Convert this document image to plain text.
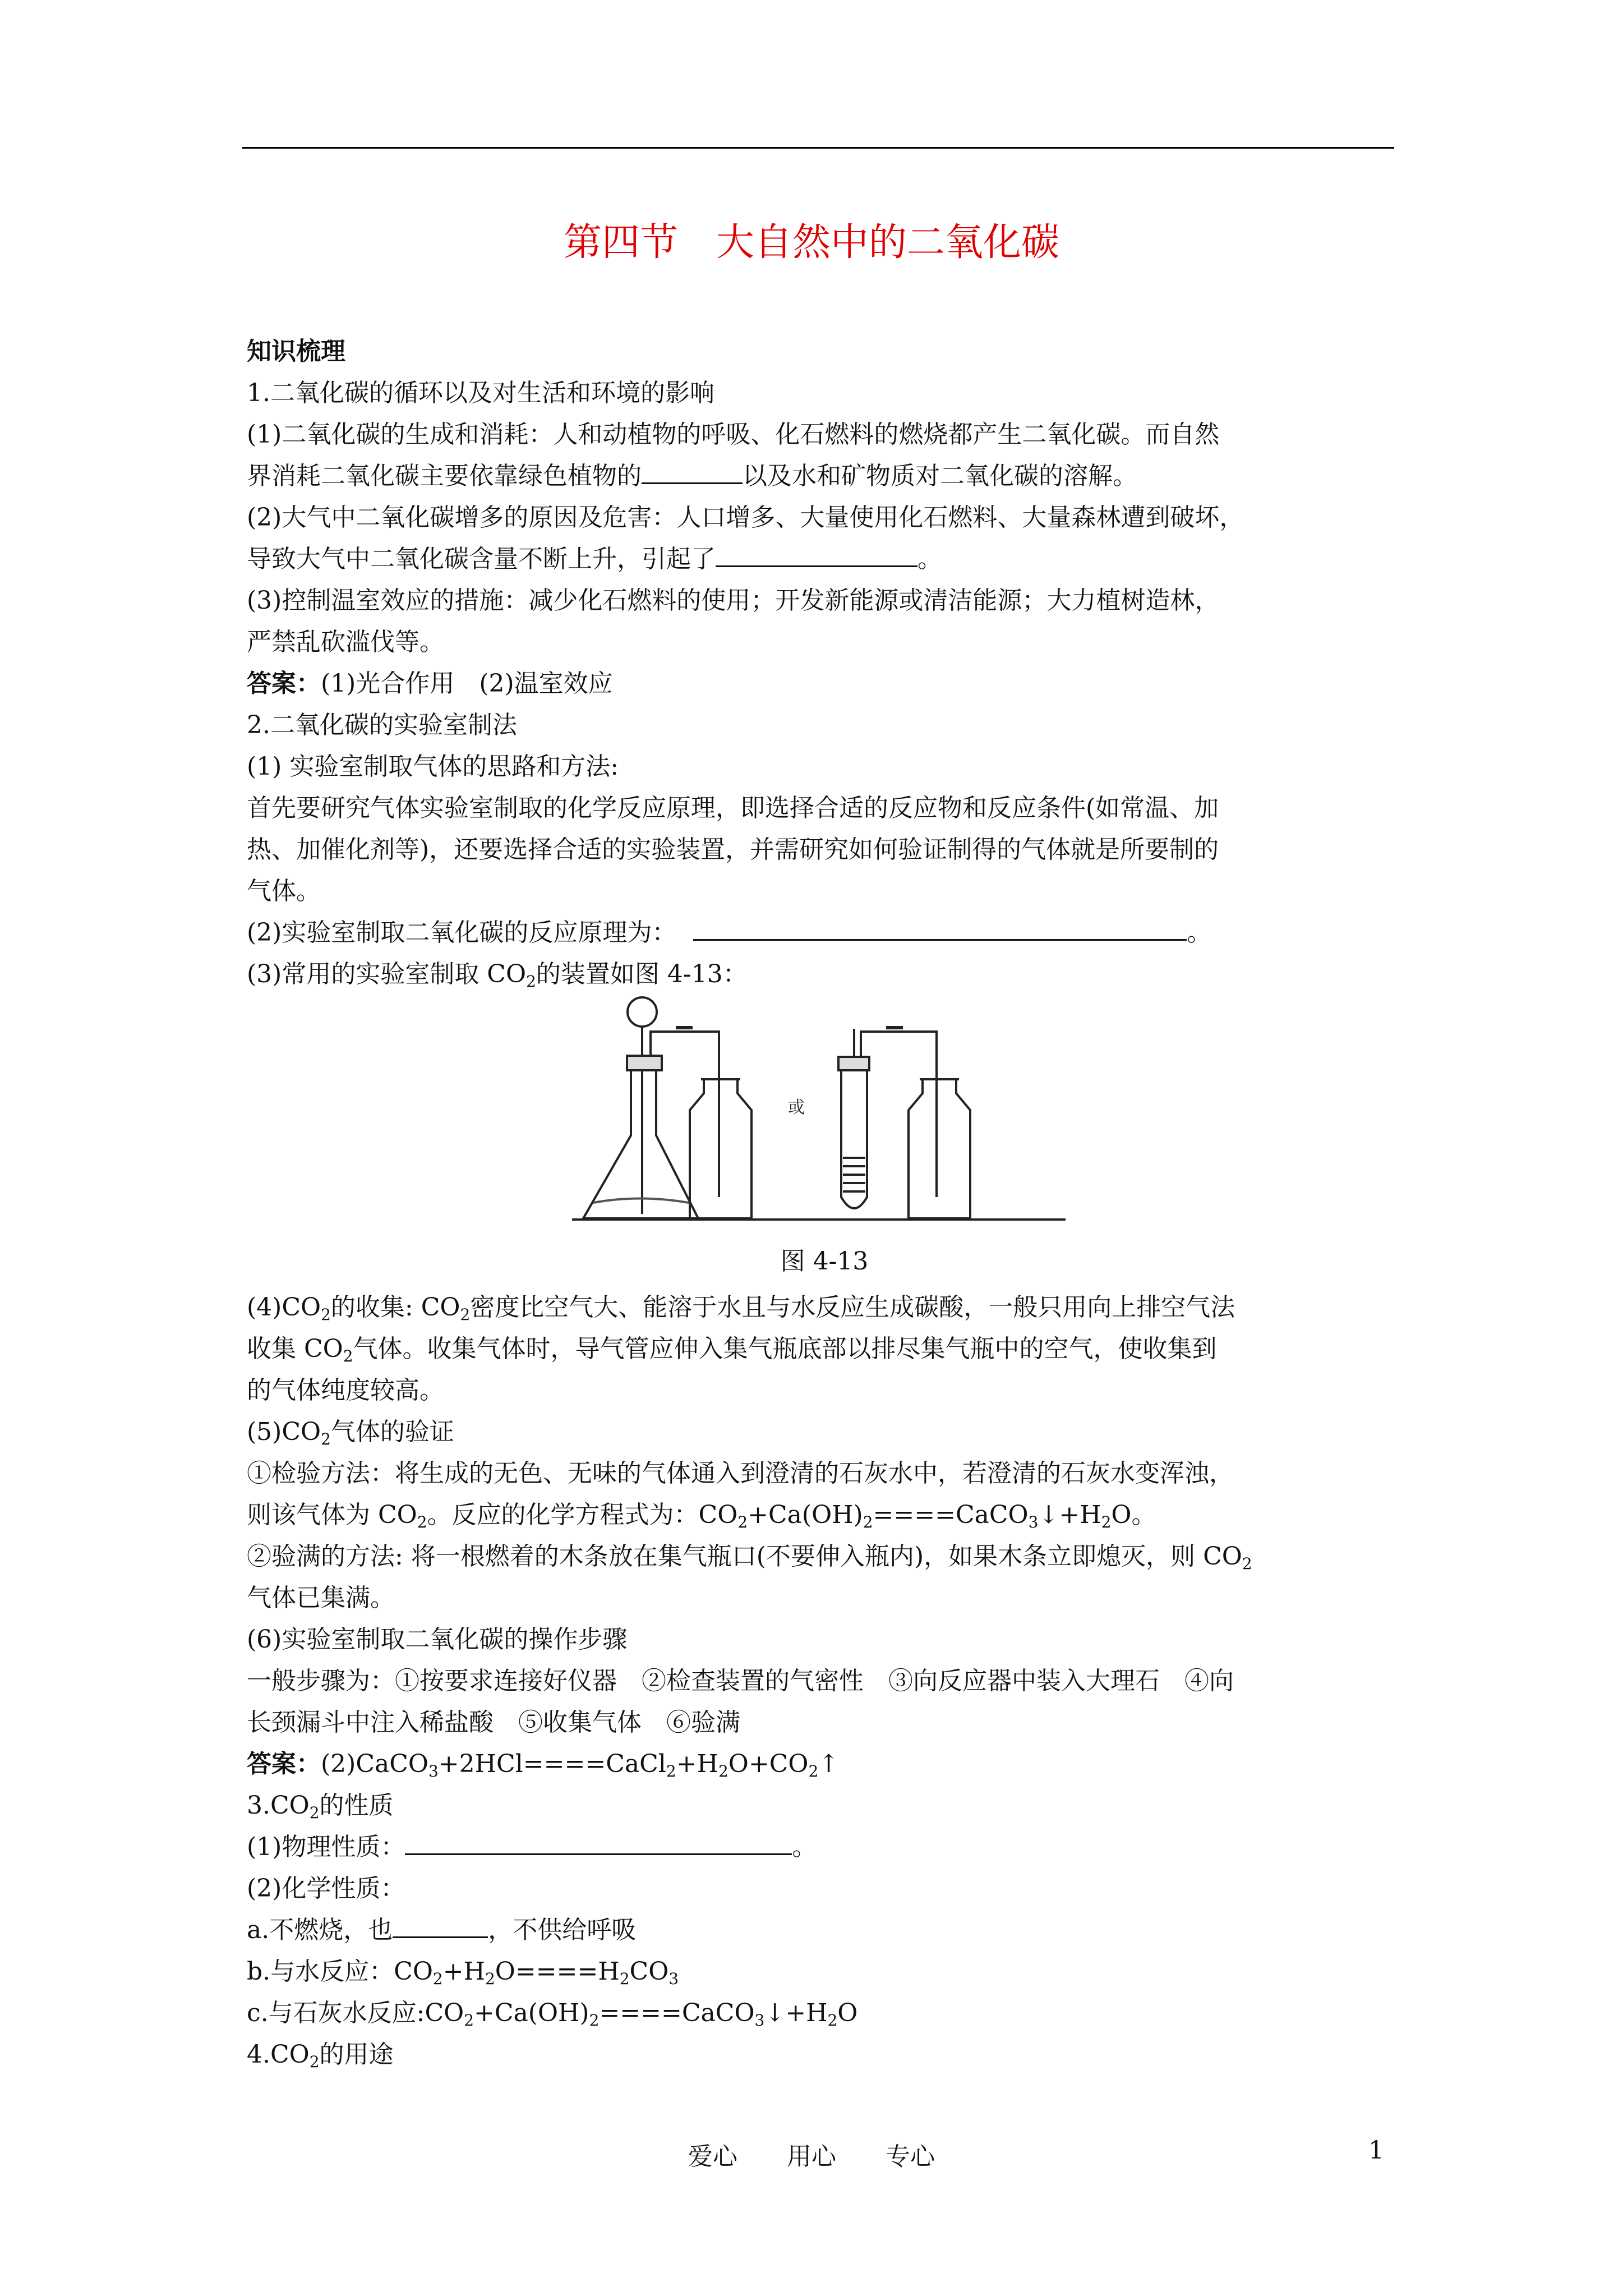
第四节　大自然中的二氧化碳
知识梳理
1.二氧化碳的循环以及对生活和环境的影响
(1)二氧化碳的生成和消耗：人和动植物的呼吸、化石燃料的燃烧都产生二氧化碳。而自然
界消耗二氧化碳主要依靠绿色植物的	以及水和矿物质对二氧化碳的溶解。
(2)大气中二氧化碳增多的原因及危害：人口增多、大量使用化石燃料、大量森林遭到破坏，
导致大气中二氧化碳含量不断上升，引起了	。
(3)控制温室效应的措施：减少化石燃料的使用；开发新能源或清洁能源；大力植树造林，
严禁乱砍滥伐等。
答案：(1)光合作用　(2)温室效应
2.二氧化碳的实验室制法
(1) 实验室制取气体的思路和方法:
首先要研究气体实验室制取的化学反应原理，即选择合适的反应物和反应条件(如常温、加
热、加催化剂等)，还要选择合适的实验装置，并需研究如何验证制得的气体就是所要制的
气体。
(2)实验室制取二氧化碳的反应原理为：	。
(3)常用的实验室制取 $CO_2$的装置如图 4-13：
或
图 4-13
$(4)CO_2$的收集: $CO_2$密度比空气大、能溶于水且与水反应生成碳酸，一般只用向上排空气法
收集 $CO_2$气体。收集气体时，导气管应伸入集气瓶底部以排尽集气瓶中的空气，使收集到
的气体纯度较高。
$(5)CO_2$气体的验证
①检验方法：将生成的无色、无味的气体通入到澄清的石灰水中，若澄清的石灰水变浑浊，
则该气体为 $CO_2$。反应的化学方程式为：$CO_2+Ca(OH)_2====CaCO_3↓+H_2O$。
②验满的方法: 将一根燃着的木条放在集气瓶口(不要伸入瓶内)，如果木条立即熄灭，则 $CO_2$
气体已集满。
(6)实验室制取二氧化碳的操作步骤
一般步骤为：①按要求连接好仪器　②检查装置的气密性　③向反应器中装入大理石　④向
长颈漏斗中注入稀盐酸　⑤收集气体　⑥验满
答案：$(2)CaCO_3+2HCl====CaCl_2+H_2O+CO_2↑$
$3.CO_2$的性质
(1)物理性质：	。
(2)化学性质：
a.不燃烧，也	，不供给呼吸
b.与水反应：$CO_2+H_2O====H_2CO_3$
c.与石灰水反应$:CO_2+Ca(OH)_2====CaCO_3↓+H_2O$
$4.CO_2$的用途
爱心　　用心　　专心	1
